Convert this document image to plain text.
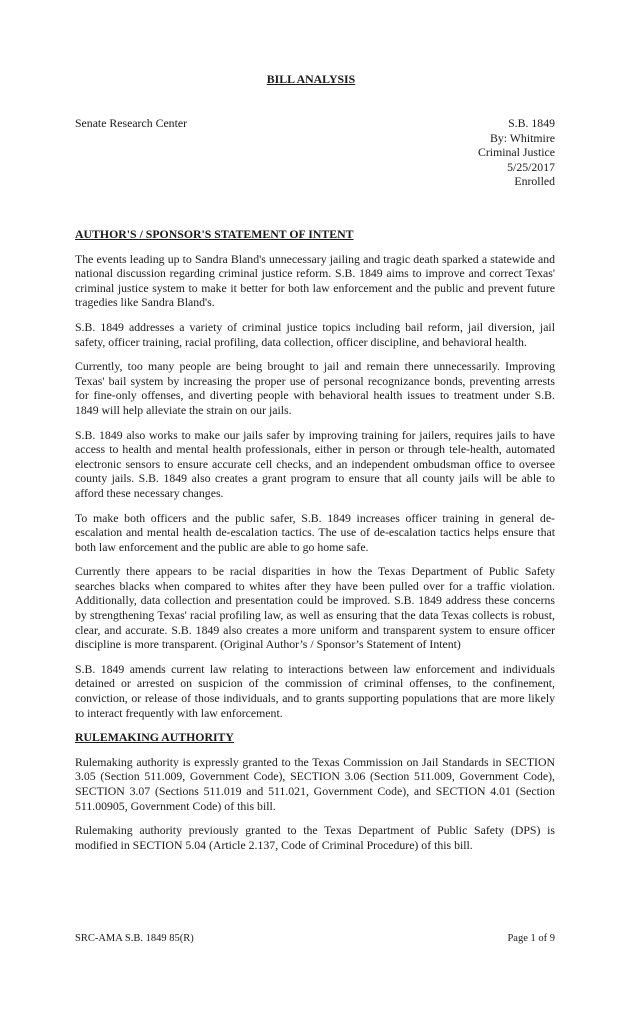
BILL ANALYSIS
Senate Research Center	S.B. 1849
By: Whitmire
Criminal Justice
5/25/2017
Enrolled
AUTHOR'S / SPONSOR'S STATEMENT OF INTENT

The events leading up to Sandra Bland's unnecessary jailing and tragic death sparked a statewide and national discussion regarding criminal justice reform. S.B. 1849 aims to improve and correct Texas' criminal justice system to make it better for both law enforcement and the public and prevent future tragedies like Sandra Bland's.

S.B. 1849 addresses a variety of criminal justice topics including bail reform, jail diversion, jail safety, officer training, racial profiling, data collection, officer discipline, and behavioral health.

Currently, too many people are being brought to jail and remain there unnecessarily. Improving Texas' bail system by increasing the proper use of personal recognizance bonds, preventing arrests for fine-only offenses, and diverting people with behavioral health issues to treatment under S.B. 1849 will help alleviate the strain on our jails.

S.B. 1849 also works to make our jails safer by improving training for jailers, requires jails to have access to health and mental health professionals, either in person or through tele-health, automated electronic sensors to ensure accurate cell checks, and an independent ombudsman office to oversee county jails. S.B. 1849 also creates a grant program to ensure that all county jails will be able to afford these necessary changes.

To make both officers and the public safer, S.B. 1849 increases officer training in general de-escalation and mental health de-escalation tactics. The use of de-escalation tactics helps ensure that both law enforcement and the public are able to go home safe.

Currently there appears to be racial disparities in how the Texas Department of Public Safety searches blacks when compared to whites after they have been pulled over for a traffic violation. Additionally, data collection and presentation could be improved. S.B. 1849 address these concerns by strengthening Texas' racial profiling law, as well as ensuring that the data Texas collects is robust, clear, and accurate. S.B. 1849 also creates a more uniform and transparent system to ensure officer discipline is more transparent. (Original Author’s / Sponsor’s Statement of Intent)

S.B. 1849 amends current law relating to interactions between law enforcement and individuals detained or arrested on suspicion of the commission of criminal offenses, to the confinement, conviction, or release of those individuals, and to grants supporting populations that are more likely to interact frequently with law enforcement.

RULEMAKING AUTHORITY

Rulemaking authority is expressly granted to the Texas Commission on Jail Standards in SECTION 3.05 (Section 511.009, Government Code), SECTION 3.06 (Section 511.009, Government Code), SECTION 3.07 (Sections 511.019 and 511.021, Government Code), and SECTION 4.01 (Section 511.00905, Government Code) of this bill.

Rulemaking authority previously granted to the Texas Department of Public Safety (DPS) is modified in SECTION 5.04 (Article 2.137, Code of Criminal Procedure) of this bill.

SRC-AMA S.B. 1849 85(R)	Page 1 of 9
